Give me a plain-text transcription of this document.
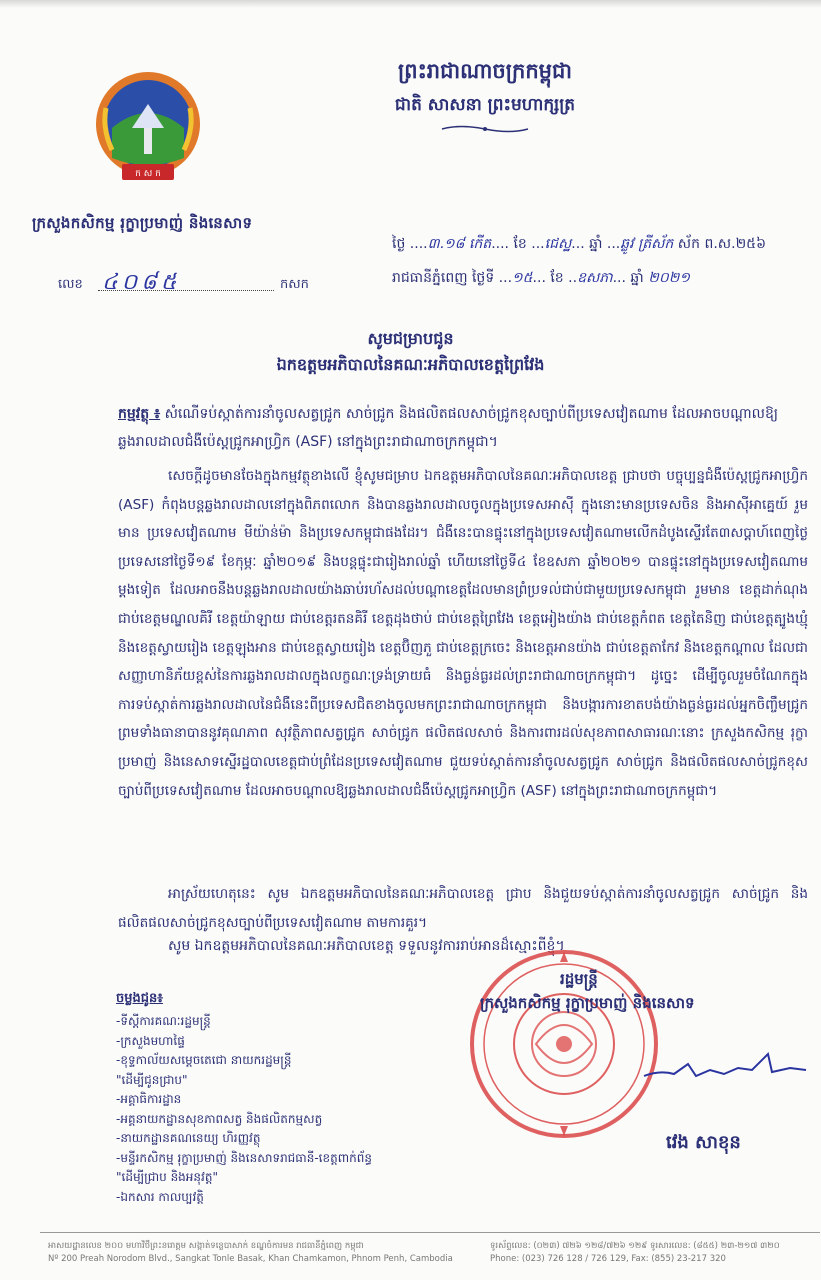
ក ស ក
ក្រសួងកសិកម្ម រុក្ខាប្រមាញ់ និងនេសាទ
ព្រះរាជាណាចក្រកម្ពុជា
ជាតិ សាសនា ព្រះមហាក្សត្រ
លេខ ៤០៨៥	កសក
ថ្ងៃ ....៣.១៨ កើត.... ខែ ...ជេស្ឋ... ឆ្នាំ ...ឆ្លូវ ត្រីស័ក ស័ក ព.ស.២៥៦
រាជធានីភ្នំពេញ ថ្ងៃទី ...១៥... ខែ ..ឧសភា... ឆ្នាំ ២០២១
សូមជម្រាបជូន
ឯកឧត្តមអភិបាលនៃគណៈអភិបាលខេត្តព្រៃវែង
កម្មវត្ថុ ៖ សំណើទប់ស្កាត់ការនាំចូលសត្វជ្រូក សាច់ជ្រូក និងផលិតផលសាច់ជ្រូកខុសច្បាប់ពីប្រទេសវៀតណាម ដែលអាចបណ្តាលឱ្យឆ្លងរាលដាលជំងឺប៉េស្តជ្រូកអាហ្វ្រិក (ASF) នៅក្នុងព្រះរាជាណាចក្រកម្ពុជា។
សេចក្តីដូចមានចែងក្នុងកម្មវត្ថុខាងលើ ខ្ញុំសូមជម្រាប ឯកឧត្តមអភិបាលនៃគណៈអភិបាលខេត្ត ជ្រាបថា បច្ចុប្បន្នជំងឺប៉េស្តជ្រូកអាហ្វ្រិក (ASF) កំពុងបន្តឆ្លងរាលដាលនៅក្នុងពិភពលោក និងបានឆ្លងរាលដាលចូលក្នុងប្រទេសអាស៊ី ក្នុងនោះមានប្រទេសចិន និងអាស៊ីអាគ្នេយ៍ រួមមាន ប្រទេសវៀតណាម មីយ៉ាន់ម៉ា និងប្រទេសកម្ពុជាផងដែរ។ ជំងឺនេះបានផ្ទុះនៅក្នុងប្រទេសវៀតណាមលើកដំបូងស្ទើរតែ៣សប្តាហ៍ពេញថ្ងៃប្រទេសនៅថ្ងៃទី១៩ ខែកុម្ភៈ ឆ្នាំ២០១៩ និងបន្តផ្ទុះជារៀងរាល់ឆ្នាំ ហើយនៅថ្ងៃទី៤ ខែឧសភា ឆ្នាំ២០២១ បានផ្ទុះនៅក្នុងប្រទេសវៀតណាម ម្តងទៀត ដែលអាចនឹងបន្តឆ្លងរាលដាលយ៉ាងឆាប់រហ័សដល់បណ្តាខេត្តដែលមានព្រំប្រទល់ជាប់ជាមួយប្រទេសកម្ពុជា រួមមាន ខេត្តដាក់ណុង ជាប់ខេត្តមណ្ឌលគិរី ខេត្តយ៉ាឡាយ ជាប់ខេត្តរតនគិរី ខេត្តដុងថាប់ ជាប់ខេត្តព្រៃវែង ខេត្តអៀងយ៉ាង ជាប់ខេត្តកំពត ខេត្តតៃនិញ ជាប់ខេត្តត្បូងឃ្មុំ និងខេត្តស្វាយរៀង ខេត្តឡុងអាន ជាប់ខេត្តស្វាយរៀង ខេត្តប៊ិញភួ ជាប់ខេត្តក្រចេះ និងខេត្តអានយ៉ាង ជាប់ខេត្តតាកែវ និងខេត្តកណ្តាល ដែលជាសញ្ញាហានិភ័យខ្ពស់នៃការឆ្លងរាលដាលក្នុងលក្ខណៈទ្រង់ទ្រាយធំ និងធ្ងន់ធ្ងរដល់ព្រះរាជាណាចក្រកម្ពុជា។ ដូច្នេះ ដើម្បីចូលរួមចំណែកក្នុងការទប់ស្កាត់ការឆ្លងរាលដាលនៃជំងឺនេះពីប្រទេសជិតខាងចូលមកព្រះរាជាណាចក្រកម្ពុជា និងបង្ការការខាតបង់យ៉ាងធ្ងន់ធ្ងរដល់អ្នកចិញ្ចឹមជ្រូក ព្រមទាំងធានាបាននូវគុណភាព សុវត្ថិភាពសត្វជ្រូក សាច់ជ្រូក ផលិតផលសាច់ និងការពារដល់សុខភាពសាធារណៈនោះ ក្រសួងកសិកម្ម រុក្ខាប្រមាញ់ និងនេសាទស្នើរដ្ឋបាលខេត្តជាប់ព្រំដែនប្រទេសវៀតណាម ជួយទប់ស្កាត់ការនាំចូលសត្វជ្រូក សាច់ជ្រូក និងផលិតផលសាច់ជ្រូកខុសច្បាប់ពីប្រទេសវៀតណាម ដែលអាចបណ្តាលឱ្យឆ្លងរាលដាលជំងឺប៉េស្តជ្រូកអាហ្វ្រិក (ASF) នៅក្នុងព្រះរាជាណាចក្រកម្ពុជា។
អាស្រ័យហេតុនេះ សូម ឯកឧត្តមអភិបាលនៃគណៈអភិបាលខេត្ត ជ្រាប និងជួយទប់ស្កាត់ការនាំចូលសត្វជ្រូក សាច់ជ្រូក និងផលិតផលសាច់ជ្រូកខុសច្បាប់ពីប្រទេសវៀតណាម តាមការគួរ។
សូម ឯកឧត្តមអភិបាលនៃគណៈអភិបាលខេត្ត ទទួលនូវការរាប់អានដ៏ស្មោះពីខ្ញុំ។
ចម្លងជូន៖
-ទីស្តីការគណៈរដ្ឋមន្ត្រី
-ក្រសួងមហាផ្ទៃ
-ខុទ្ទកាល័យសម្តេចតេជោ នាយករដ្ឋមន្ត្រី
"ដើម្បីជូនជ្រាប"
-អគ្គាធិការដ្ឋាន
-អគ្គនាយកដ្ឋានសុខភាពសត្វ និងផលិតកម្មសត្វ
-នាយកដ្ឋានគណនេយ្យ ហិរញ្ញវត្ថុ
-មន្ទីរកសិកម្ម រុក្ខាប្រមាញ់ និងនេសាទរាជធានី-ខេត្តពាក់ព័ន្ធ
"ដើម្បីជ្រាប និងអនុវត្ត"
-ឯកសារ កាលប្បវត្តិ
រដ្ឋមន្ត្រី
ក្រសួងកសិកម្ម រុក្ខាប្រមាញ់ និងនេសាទ
វេង សាខុន
អាសយដ្ឋានលេខ ២០០ មហាវិថីព្រះនរោត្តម សង្កាត់ទន្លេបាសាក់ ខណ្ឌចំការមន រាជធានីភ្នំពេញ កម្ពុជា
Nº 200 Preah Norodom Blvd., Sangkat Tonle Basak, Khan Chamkamon, Phnom Penh, Cambodia
ទូរស័ព្ទលេខ: (០២៣) ៧២៦ ១២៨/៧២៦ ១២៩ ទូរសារលេខ: (៨៥៥) ២៣-២១៧ ៣២០
Phone: (023) 726 128 / 726 129, Fax: (855) 23-217 320
